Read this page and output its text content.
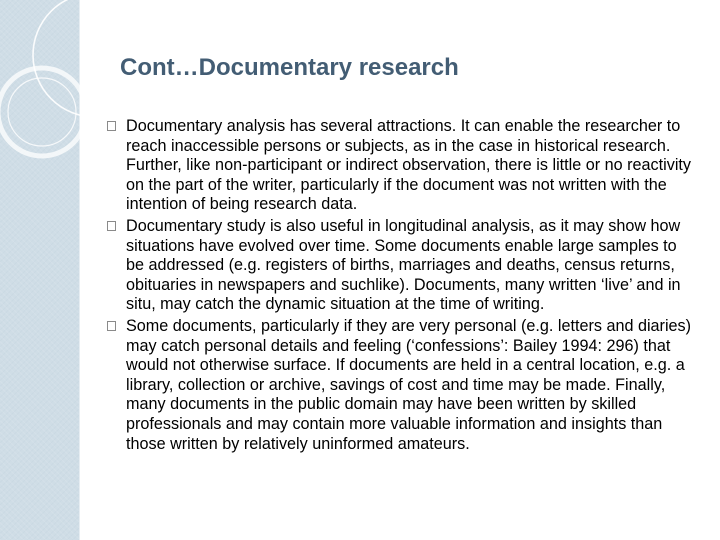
Cont…Documentary research
Documentary analysis has several attractions. It can enable the researcher to reach inaccessible persons or subjects, as in the case in historical research. Further, like non-participant or indirect observation, there is little or no reactivity on the part of the writer, particularly if the document was not written with the intention of being research data.
Documentary study is also useful in longitudinal analysis, as it may show how situations have evolved over time. Some documents enable large samples to be addressed (e.g. registers of births, marriages and deaths, census returns, obituaries in newspapers and suchlike). Documents, many written ‘live’ and in situ, may catch the dynamic situation at the time of writing.
Some documents, particularly if they are very personal (e.g. letters and diaries) may catch personal details and feeling (‘confessions’: Bailey 1994: 296) that would not otherwise surface. If documents are held in a central location, e.g. a library, collection or archive, savings of cost and time may be made. Finally, many documents in the public domain may have been written by skilled professionals and may contain more valuable information and insights than those written by relatively uninformed amateurs.
